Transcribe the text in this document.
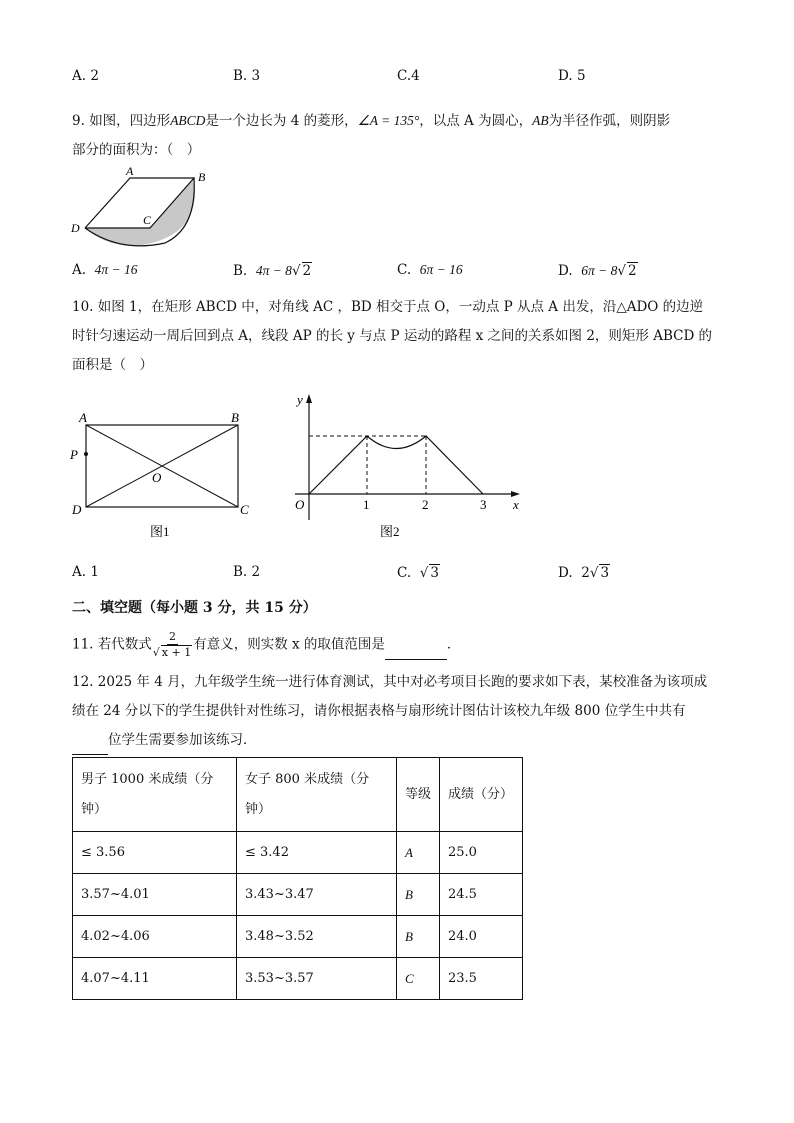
A. 2	B. 3	C.4	D. 5
9. 如图，四边形ABCD是一个边长为 4 的菱形，∠A = 135°，以点 A 为圆心，AB为半径作弧，则阴影
部分的面积为：（　）
A	B
C
D
A. 4π − 16	B. 4π − 8√ 2	C. 6π − 16	D. 6π − 8√ 2
10. 如图 1，在矩形 ABCD 中，对角线 AC ，BD 相交于点 O，一动点 P 从点 A 出发，沿△ADO 的边逆
时针匀速运动一周后回到点 A，线段 AP 的长 y 与点 P 运动的路程 x 之间的关系如图 2，则矩形 ABCD 的
面积是（　）
A	B
P
O
D	C
图1
y
O	1	2	3 x
图2
A. 1	B. 2	C.  √ 3	D. 2√ 3
二、填空题（每小题 3 分，共 15 分）
11. 若代数式 $\frac{2}{√ x + 1}$ 有意义，则实数 x 的取值范围是	．
12. 2025 年 4 月，九年级学生统一进行体育测试，其中对必考项目长跑的要求如下表，某校准备为该项成
绩在 24 分以下的学生提供针对性练习，请你根据表格与扇形统计图估计该校九年级 800 位学生中共有
位学生需要参加该练习．
男子 1000 米成绩（分钟）	女子 800 米成绩（分钟）	等级	成绩（分）
≤ 3.56	≤ 3.42	A	25.0
3.57~4.01	3.43~3.47	B	24.5
4.02~4.06	3.48~3.52	B	24.0
4.07~4.11	3.53~3.57	C	23.5
